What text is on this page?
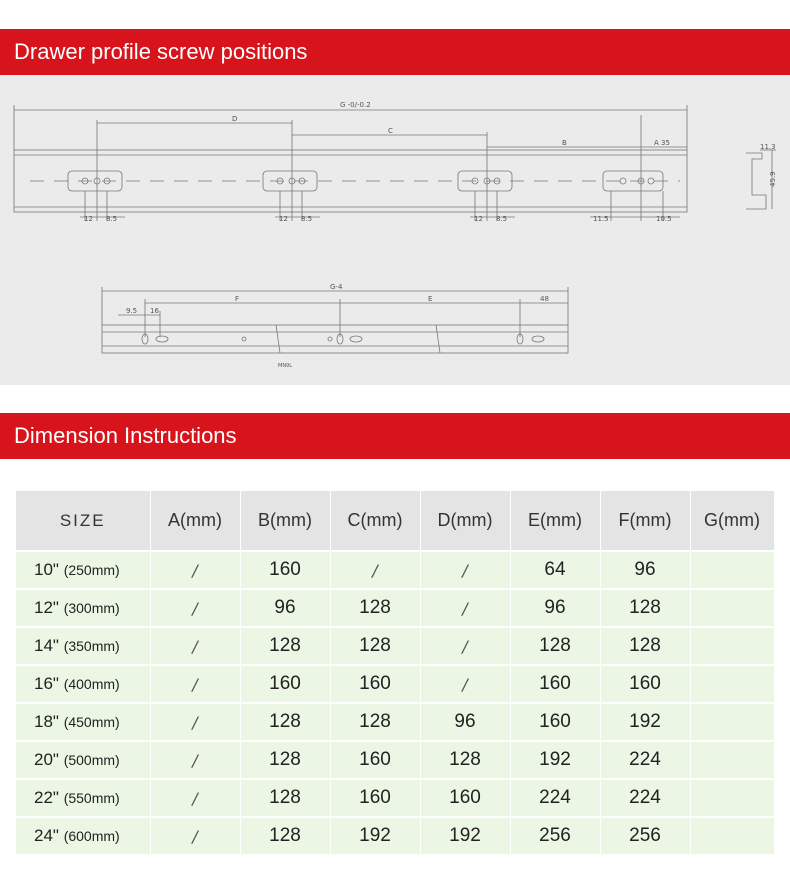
Drawer profile screw positions
G -0/-0.2
D
C
B	A 35
12 8.5	12 8.5	12 8.5	11.5	10.5
11.3
45.9
G-4
F	E	48
9.5 16
MN9L
Dimension Instructions
SIZE	A(mm)	B(mm)	C(mm)	D(mm)	E(mm)	F(mm)	G(mm)
10" (250mm)	/	160	/	/	64	96	
12" (300mm)	/	96	128	/	96	128	
14" (350mm)	/	128	128	/	128	128	
16" (400mm)	/	160	160	/	160	160	
18" (450mm)	/	128	128	96	160	192	
20" (500mm)	/	128	160	128	192	224	
22" (550mm)	/	128	160	160	224	224	
24" (600mm)	/	128	192	192	256	256	
